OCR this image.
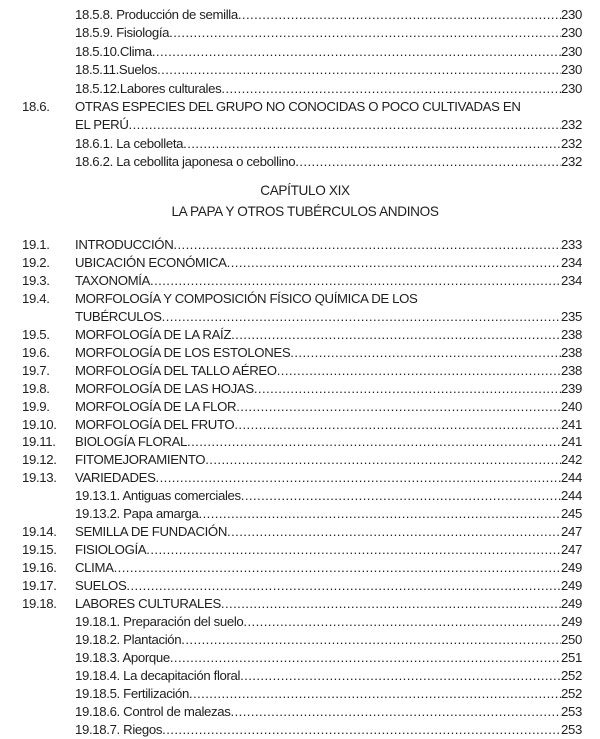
18.5.8. Producción de semilla .....	230
18.5.9. Fisiología .....	230
18.5.10.Clima .....	230
18.5.11.Suelos .....	230
18.5.12.Labores culturales .....	230
18.6. OTRAS ESPECIES DEL GRUPO NO CONOCIDAS O POCO CULTIVADAS EN
EL PERÚ .....	232
18.6.1. La cebolleta .....	232
18.6.2. La cebollita japonesa o cebollino .....	232
CAPÍTULO XIX
LA PAPA Y OTROS TUBÉRCULOS ANDINOS
19.1. INTRODUCCIÓN .....	233
19.2. UBICACIÓN ECONÓMICA .....	234
19.3. TAXONOMÍA .....	234
19.4. MORFOLOGÍA Y COMPOSICIÓN FÍSICO QUÍMICA DE LOS
TUBÉRCULOS .....	235
19.5. MORFOLOGÍA DE LA RAÍZ .....	238
19.6. MORFOLOGÍA DE LOS ESTOLONES .....	238
19.7. MORFOLOGÍA DEL TALLO AÉREO .....	238
19.8. MORFOLOGÍA DE LAS HOJAS .....	239
19.9. MORFOLOGÍA DE LA FLOR .....	240
19.10. MORFOLOGÍA DEL FRUTO .....	241
19.11. BIOLOGÍA FLORAL .....	241
19.12. FITOMEJORAMIENTO .....	242
19.13. VARIEDADES .....	244
19.13.1. Antiguas comerciales .....	244
19.13.2. Papa amarga .....	245
19.14. SEMILLA DE FUNDACIÓN .....	247
19.15. FISIOLOGÍA .....	247
19.16. CLIMA .....	249
19.17. SUELOS .....	249
19.18. LABORES CULTURALES .....	249
19.18.1. Preparación del suelo .....	249
19.18.2. Plantación .....	250
19.18.3. Aporque .....	251
19.18.4. La decapitación floral .....	252
19.18.5. Fertilización .....	252
19.18.6. Control de malezas .....	253
19.18.7. Riegos .....	253
